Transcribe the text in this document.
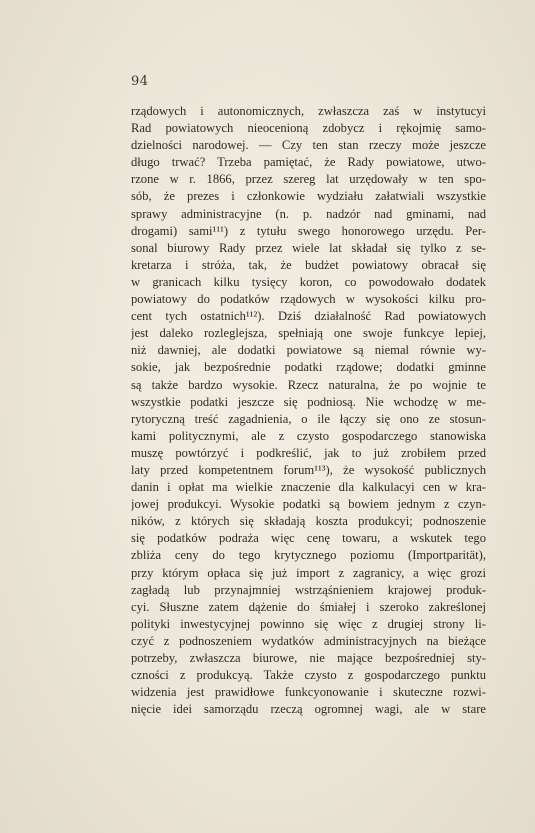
94
rządowych i autonomicznych, zwłaszcza zaś w instytucyi
Rad powiatowych nieocenioną zdobycz i rękojmię samo-
dzielności narodowej. — Czy ten stan rzeczy może jeszcze
długo trwać? Trzeba pamiętać, że Rady powiatowe, utwo-
rzone w r. 1866, przez szereg lat urzędowały w ten spo-
sób, że prezes i członkowie wydziału załatwiali wszystkie
sprawy administracyjne (n. p. nadzór nad gminami, nad
drogami) sami¹¹¹) z tytułu swego honorowego urzędu. Per-
sonal biurowy Rady przez wiele lat składał się tylko z se-
kretarza i stróża, tak, że budżet powiatowy obracał się
w granicach kilku tysięcy koron, co powodowało dodatek
powiatowy do podatków rządowych w wysokości kilku pro-
cent tych ostatnich¹¹²). Dziś działalność Rad powiatowych
jest daleko rozleglejsza, spełniają one swoje funkcye lepiej,
niż dawniej, ale dodatki powiatowe są niemal równie wy-
sokie, jak bezpośrednie podatki rządowe; dodatki gminne
są także bardzo wysokie. Rzecz naturalna, że po wojnie te
wszystkie podatki jeszcze się podniosą. Nie wchodzę w me-
rytoryczną treść zagadnienia, o ile łączy się ono ze stosun-
kami politycznymi, ale z czysto gospodarczego stanowiska
muszę powtórzyć i podkreślić, jak to już zrobiłem przed
laty przed kompetentnem forum¹¹³), że wysokość publicznych
danin i opłat ma wielkie znaczenie dla kalkulacyi cen w kra-
jowej produkcyi. Wysokie podatki są bowiem jednym z czyn-
ników, z których się składają koszta produkcyi; podnoszenie
się podatków podraża więc cenę towaru, a wskutek tego
zbliża ceny do tego krytycznego poziomu (Importparität),
przy którym opłaca się już import z zagranicy, a więc grozi
zagładą lub przynajmniej wstrząśnieniem krajowej produk-
cyi. Słuszne zatem dążenie do śmiałej i szeroko zakreślonej
polityki inwestycyjnej powinno się więc z drugiej strony li-
czyć z podnoszeniem wydatków administracyjnych na bieżące
potrzeby, zwłaszcza biurowe, nie mające bezpośredniej sty-
czności z produkcyą. Także czysto z gospodarczego punktu
widzenia jest prawidłowe funkcyonowanie i skuteczne rozwi-
nięcie idei samorządu rzeczą ogromnej wagi, ale w stare
